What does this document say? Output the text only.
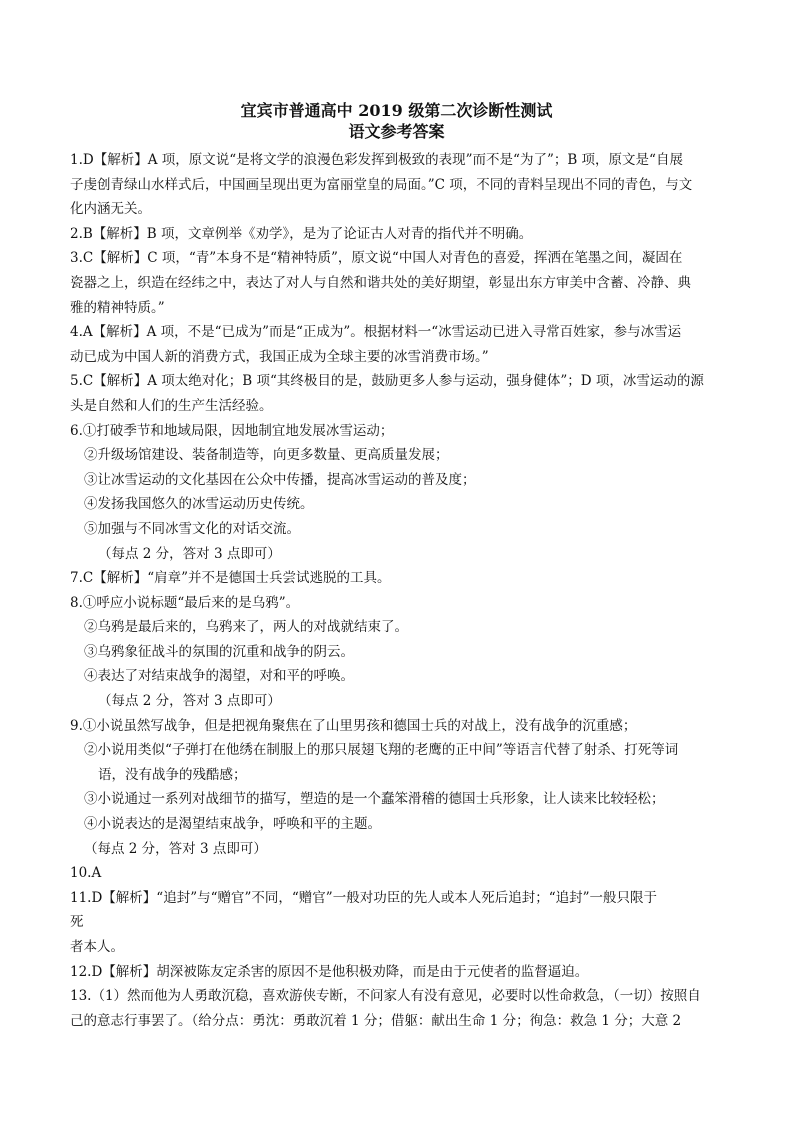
宜宾市普通高中 2019 级第二次诊断性测试

语文参考答案

1.D【解析】A 项，原文说“是将文学的浪漫色彩发挥到极致的表现”而不是“为了”；B 项，原文是“自展
子虔创青绿山水样式后，中国画呈现出更为富丽堂皇的局面。”C 项，不同的青料呈现出不同的青色，与文
化内涵无关。
2.B【解析】B 项，文章例举《劝学》，是为了论证古人对青的指代并不明确。
3.C【解析】C 项，“青”本身不是“精神特质”，原文说“中国人对青色的喜爱，挥洒在笔墨之间，凝固在
瓷器之上，织造在经纬之中，表达了对人与自然和谐共处的美好期望，彰显出东方审美中含蓄、冷静、典
雅的精神特质。”
4.A【解析】A 项，不是“已成为”而是“正成为”。根据材料一“冰雪运动已进入寻常百姓家，参与冰雪运
动已成为中国人新的消费方式，我国正成为全球主要的冰雪消费市场。”
5.C【解析】A 项太绝对化；B 项“其终极目的是，鼓励更多人参与运动，强身健体”；D 项，冰雪运动的源
头是自然和人们的生产生活经验。
6.①打破季节和地域局限，因地制宜地发展冰雪运动；
②升级场馆建设、装备制造等，向更多数量、更高质量发展；
③让冰雪运动的文化基因在公众中传播，提高冰雪运动的普及度；
④发扬我国悠久的冰雪运动历史传统。
⑤加强与不同冰雪文化的对话交流。
（每点 2 分，答对 3 点即可）
7.C【解析】“肩章”并不是德国士兵尝试逃脱的工具。
8.①呼应小说标题“最后来的是乌鸦”。
②乌鸦是最后来的，乌鸦来了，两人的对战就结束了。
③乌鸦象征战斗的氛围的沉重和战争的阴云。
④表达了对结束战争的渴望，对和平的呼唤。
（每点 2 分，答对 3 点即可）
9.①小说虽然写战争，但是把视角聚焦在了山里男孩和德国士兵的对战上，没有战争的沉重感；
②小说用类似“子弹打在他绣在制服上的那只展翅飞翔的老鹰的正中间”等语言代替了射杀、打死等词
语，没有战争的残酷感；
③小说通过一系列对战细节的描写，塑造的是一个蠢笨滑稽的德国士兵形象，让人读来比较轻松；
④小说表达的是渴望结束战争，呼唤和平的主题。
（每点 2 分，答对 3 点即可）
10.A
11.D【解析】“追封”与“赠官”不同，“赠官”一般对功臣的先人或本人死后追封；“追封”一般只限于
死
者本人。
12.D【解析】胡深被陈友定杀害的原因不是他积极劝降，而是由于元使者的监督逼迫。
13.（1）然而他为人勇敢沉稳，喜欢游侠专断，不问家人有没有意见，必要时以性命救急，（一切）按照自
己的意志行事罢了。（给分点：勇沈：勇敢沉着 1 分；借躯：献出生命 1 分；徇急：救急 1 分；大意 2
